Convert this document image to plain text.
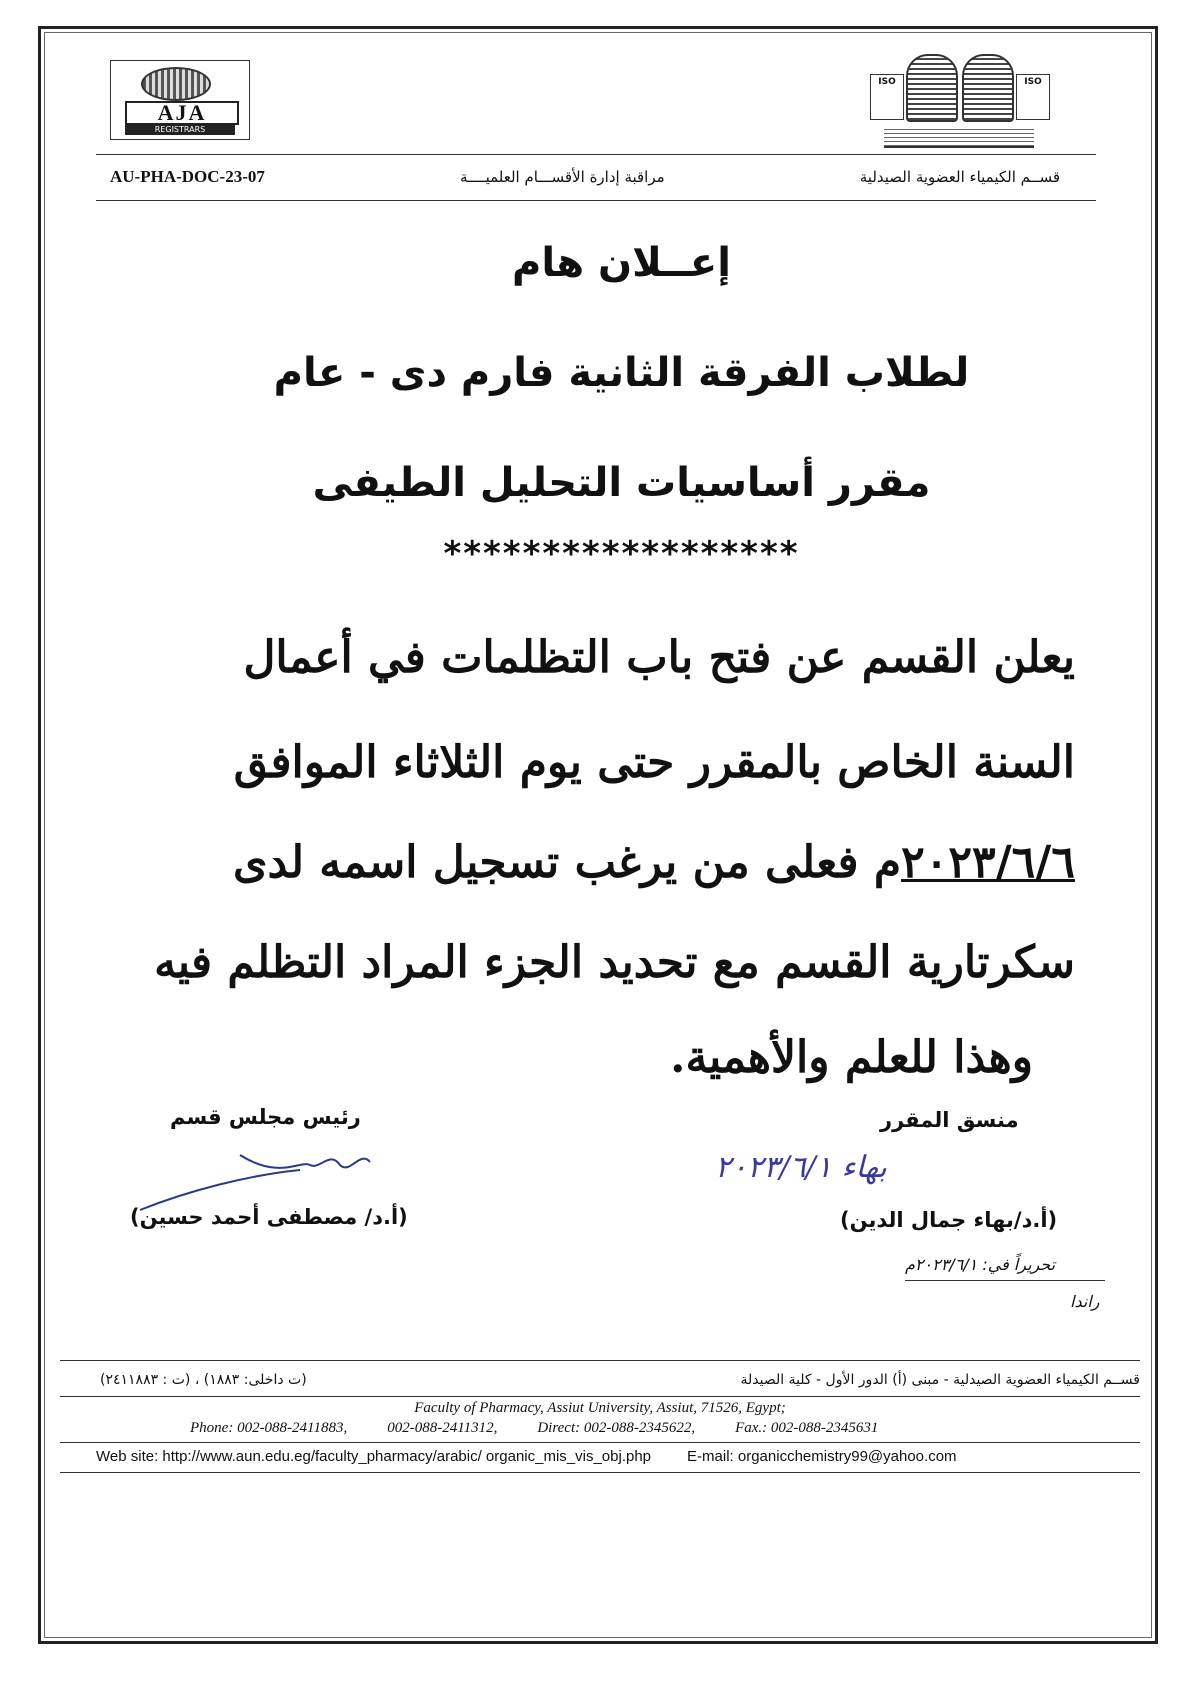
AJA
REGISTRARS
ISO	ISO
AU-PHA-DOC-23-07	مراقبة إدارة الأقســـام العلميــــة	قســم الكيمياء العضوية الصيدلية
إعــلان هام
لطلاب الفرقة الثانية فارم دى - عام
مقرر أساسيات التحليل الطيفى
******************
يعلن القسم عن فتح باب التظلمات في أعمال
السنة الخاص بالمقرر حتى يوم الثلاثاء الموافق
٢٠٢٣/٦/٦م فعلى من يرغب تسجيل اسمه لدى
سكرتارية القسم مع تحديد الجزء المراد التظلم فيه
وهذا للعلم والأهمية.
رئيس مجلس قسم
(أ.د/ مصطفى أحمد حسين)
منسق المقرر
بهاء ٢٠٢٣/٦/١
(أ.د/بهاء جمال الدين)
تحريراً في: ٢٠٢٣/٦/١م
راندا
قســم الكيمياء العضوية الصيدلية - مبنى (أ) الدور الأول - كلية الصيدلة
(ت داخلى: ١٨٨٣) ، (ت : ٢٤١١٨٨٣)
Faculty of Pharmacy, Assiut University, Assiut, 71526, Egypt;
Phone: 002-088-2411883,	002-088-2411312,	Direct: 002-088-2345622,	Fax.: 002-088-2345631
Web site: http://www.aun.edu.eg/faculty_pharmacy/arabic/ organic_mis_vis_obj.php E-mail: organicchemistry99@yahoo.com
